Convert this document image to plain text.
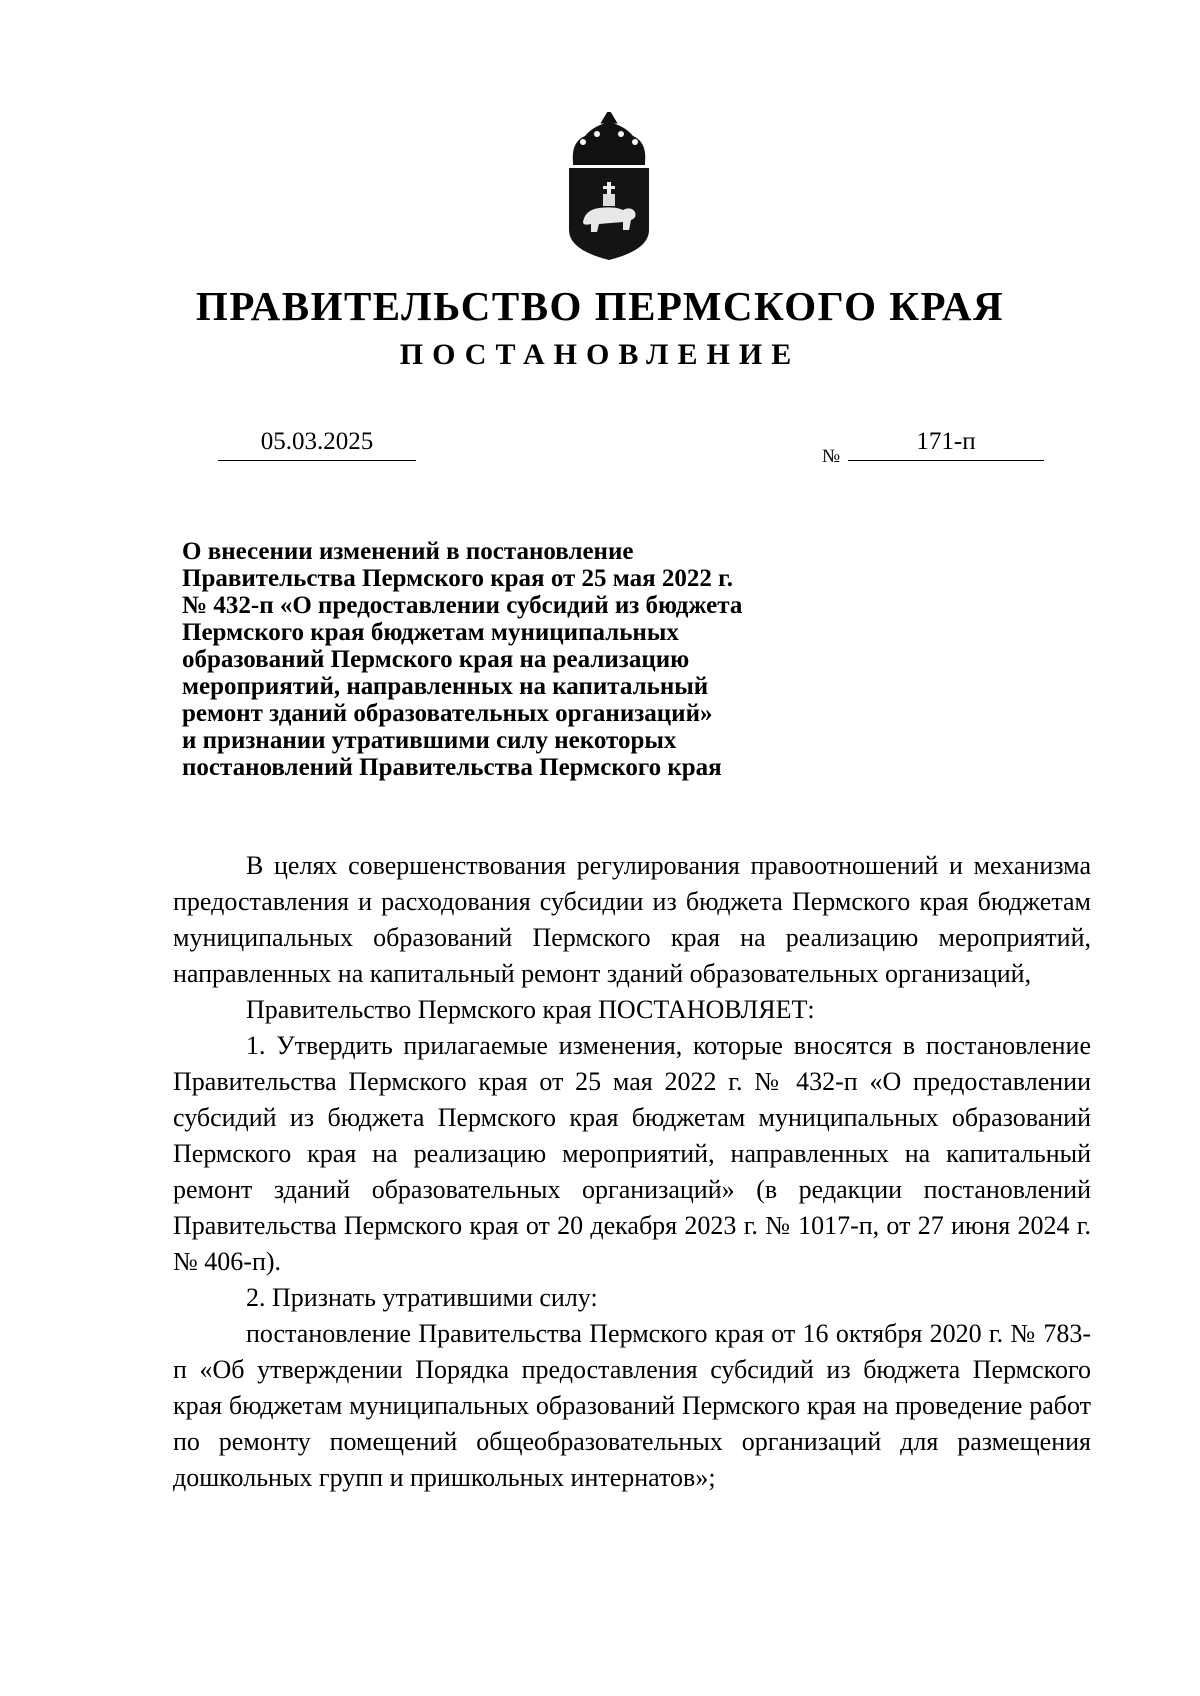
ПРАВИТЕЛЬСТВО ПЕРМСКОГО КРАЯ
ПОСТАНОВЛЕНИЕ
05.03.2025
№
171-п
О внесении изменений в постановление
Правительства Пермского края от 25 мая 2022 г.
№ 432-п «О предоставлении субсидий из бюджета
Пермского края бюджетам муниципальных
образований Пермского края на реализацию
мероприятий, направленных на капитальный
ремонт зданий образовательных организаций»
и признании утратившими силу некоторых
постановлений Правительства Пермского края

В целях совершенствования регулирования правоотношений и механизма предоставления и расходования субсидии из бюджета Пермского края бюджетам муниципальных образований Пермского края на реализацию мероприятий, направленных на капитальный ремонт зданий образовательных организаций,

Правительство Пермского края ПОСТАНОВЛЯЕТ:

1. Утвердить прилагаемые изменения, которые вносятся в постановление Правительства Пермского края от 25 мая 2022 г. № 432-п «О предоставлении субсидий из бюджета Пермского края бюджетам муниципальных образований Пермского края на реализацию мероприятий, направленных на капитальный ремонт зданий образовательных организаций» (в редакции постановлений Правительства Пермского края от 20 декабря 2023 г. № 1017-п, от 27 июня 2024 г. № 406-п).

2. Признать утратившими силу:

постановление Правительства Пермского края от 16 октября 2020 г. № 783-п «Об утверждении Порядка предоставления субсидий из бюджета Пермского края бюджетам муниципальных образований Пермского края на проведение работ по ремонту помещений общеобразовательных организаций для размещения дошкольных групп и пришкольных интернатов»;
